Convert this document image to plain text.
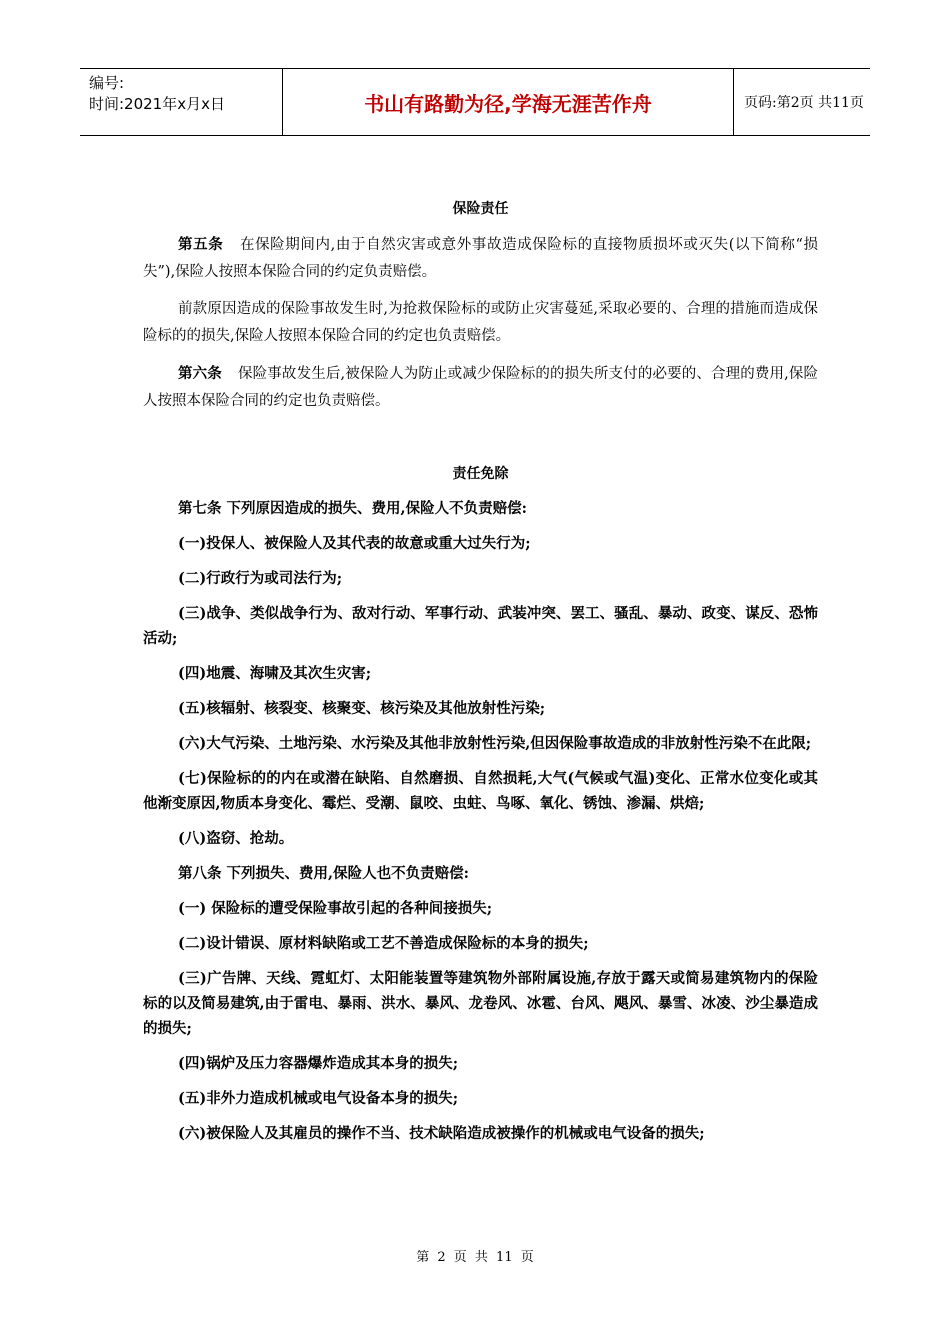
编号:
时间:2021年x月x日	书山有路勤为径,学海无涯苦作舟	页码:第2页 共11页

保险责任

第五条 在保险期间内,由于自然灾害或意外事故造成保险标的直接物质损坏或灭失(以下简称“损失”),保险人按照本保险合同的约定负责赔偿。

前款原因造成的保险事故发生时,为抢救保险标的或防止灾害蔓延,采取必要的、合理的措施而造成保险标的的损失,保险人按照本保险合同的约定也负责赔偿。

第六条 保险事故发生后,被保险人为防止或减少保险标的的损失所支付的必要的、合理的费用,保险人按照本保险合同的约定也负责赔偿。

责任免除

第七条 下列原因造成的损失、费用,保险人不负责赔偿:

(一)投保人、被保险人及其代表的故意或重大过失行为;

(二)行政行为或司法行为;

(三)战争、类似战争行为、敌对行动、军事行动、武装冲突、罢工、骚乱、暴动、政变、谋反、恐怖活动;

(四)地震、海啸及其次生灾害;

(五)核辐射、核裂变、核聚变、核污染及其他放射性污染;

(六)大气污染、土地污染、水污染及其他非放射性污染,但因保险事故造成的非放射性污染不在此限;

(七)保险标的的内在或潜在缺陷、自然磨损、自然损耗,大气(气候或气温)变化、正常水位变化或其他渐变原因,物质本身变化、霉烂、受潮、鼠咬、虫蛀、鸟啄、氧化、锈蚀、渗漏、烘焙;

(八)盗窃、抢劫。

第八条 下列损失、费用,保险人也不负责赔偿:

(一) 保险标的遭受保险事故引起的各种间接损失;

(二)设计错误、原材料缺陷或工艺不善造成保险标的本身的损失;

(三)广告牌、天线、霓虹灯、太阳能装置等建筑物外部附属设施,存放于露天或简易建筑物内的保险标的以及简易建筑,由于雷电、暴雨、洪水、暴风、龙卷风、冰雹、台风、飓风、暴雪、冰凌、沙尘暴造成的损失;

(四)锅炉及压力容器爆炸造成其本身的损失;

(五)非外力造成机械或电气设备本身的损失;

(六)被保险人及其雇员的操作不当、技术缺陷造成被操作的机械或电气设备的损失;

第 2 页 共 11 页
